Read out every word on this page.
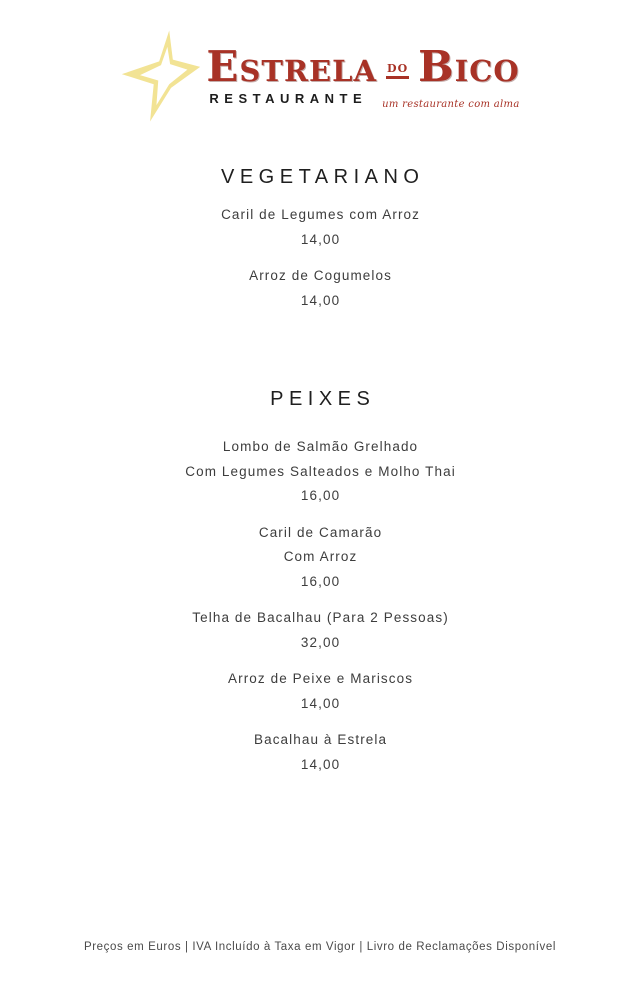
Estrela do Bico
RESTAURANTE um restaurante com alma
VEGETARIANO
Caril de Legumes com Arroz
14,00
Arroz de Cogumelos
14,00
PEIXES
Lombo de Salmão Grelhado
Com Legumes Salteados e Molho Thai
16,00
Caril de Camarão
Com Arroz
16,00
Telha de Bacalhau (Para 2 Pessoas)
32,00
Arroz de Peixe e Mariscos
14,00
Bacalhau à Estrela
14,00
Preços em Euros | IVA Incluído à Taxa em Vigor | Livro de Reclamações Disponível
